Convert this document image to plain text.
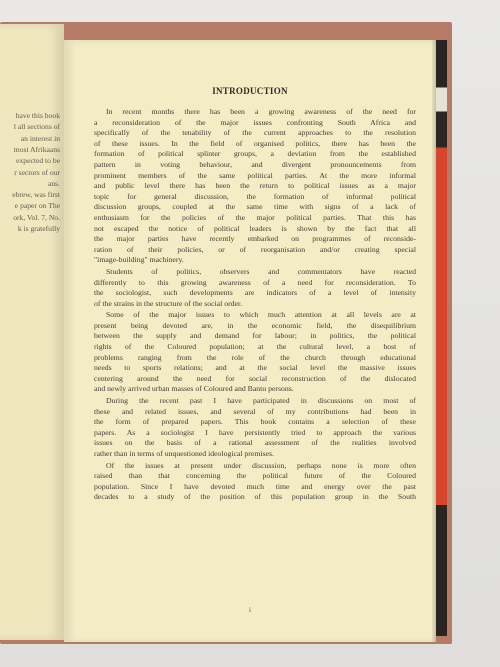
have this book
l all sections of
an interest in
most Afrikaans
expected to be
r sectors of our
ans.
ebrew, was first
e paper on The
ork, Vol. 7, No.
k is gratefully
INTRODUCTION

In recent months there has been a growing awareness of the need for
a reconsideration of the major issues confronting South Africa and
specifically of the tenability of the current approaches to the resolution
of these issues. In the field of organised politics, there has been the
formation of political splinter groups, a deviation from the established
pattern in voting behaviour, and divergent pronouncements from
prominent members of the same political parties. At the more informal
and public level there has been the return to political issues as a major
topic for general discussion, the formation of informal political
discussion groups, coupled at the same time with signs of a lack of
enthusiasm for the policies of the major political parties. That this has
not escaped the notice of political leaders is shown by the fact that all
the major parties have recently embarked on programmes of reconside-
ration of their policies, or of reorganisation and/or creating special
"image-building" machinery.

Students of politics, observers and commentators have reacted
differently to this growing awareness of a need for reconsideration. To
the sociologist, such developments are indicators of a level of intensity
of the strains in the structure of the social order.

Some of the major issues to which much attention at all levels are at
present being devoted are, in the economic field, the disequilibrium
between the supply and demand for labour; in politics, the political
rights of the Coloured population; at the cultural level, a host of
problems ranging from the role of the church through educational
needs to sports relations; and at the social level the massive issues
centering around the need for social reconstruction of the dislocated
and newly arrived urban masses of Coloured and Bantu persons.

During the recent past I have participated in discussions on most of
these and related issues, and several of my contributions had been in
the form of prepared papers. This book contains a selection of these
papers. As a sociologist I have persistently tried to approach the various
issues on the basis of a rational assessment of the realities involved
rather than in terms of unquestioned ideological premises.

Of the issues at present under discussion, perhaps none is more often
raised than that concerning the political future of the Coloured
population. Since I have devoted much time and energy over the past
decades to a study of the position of this population group in the South

i
